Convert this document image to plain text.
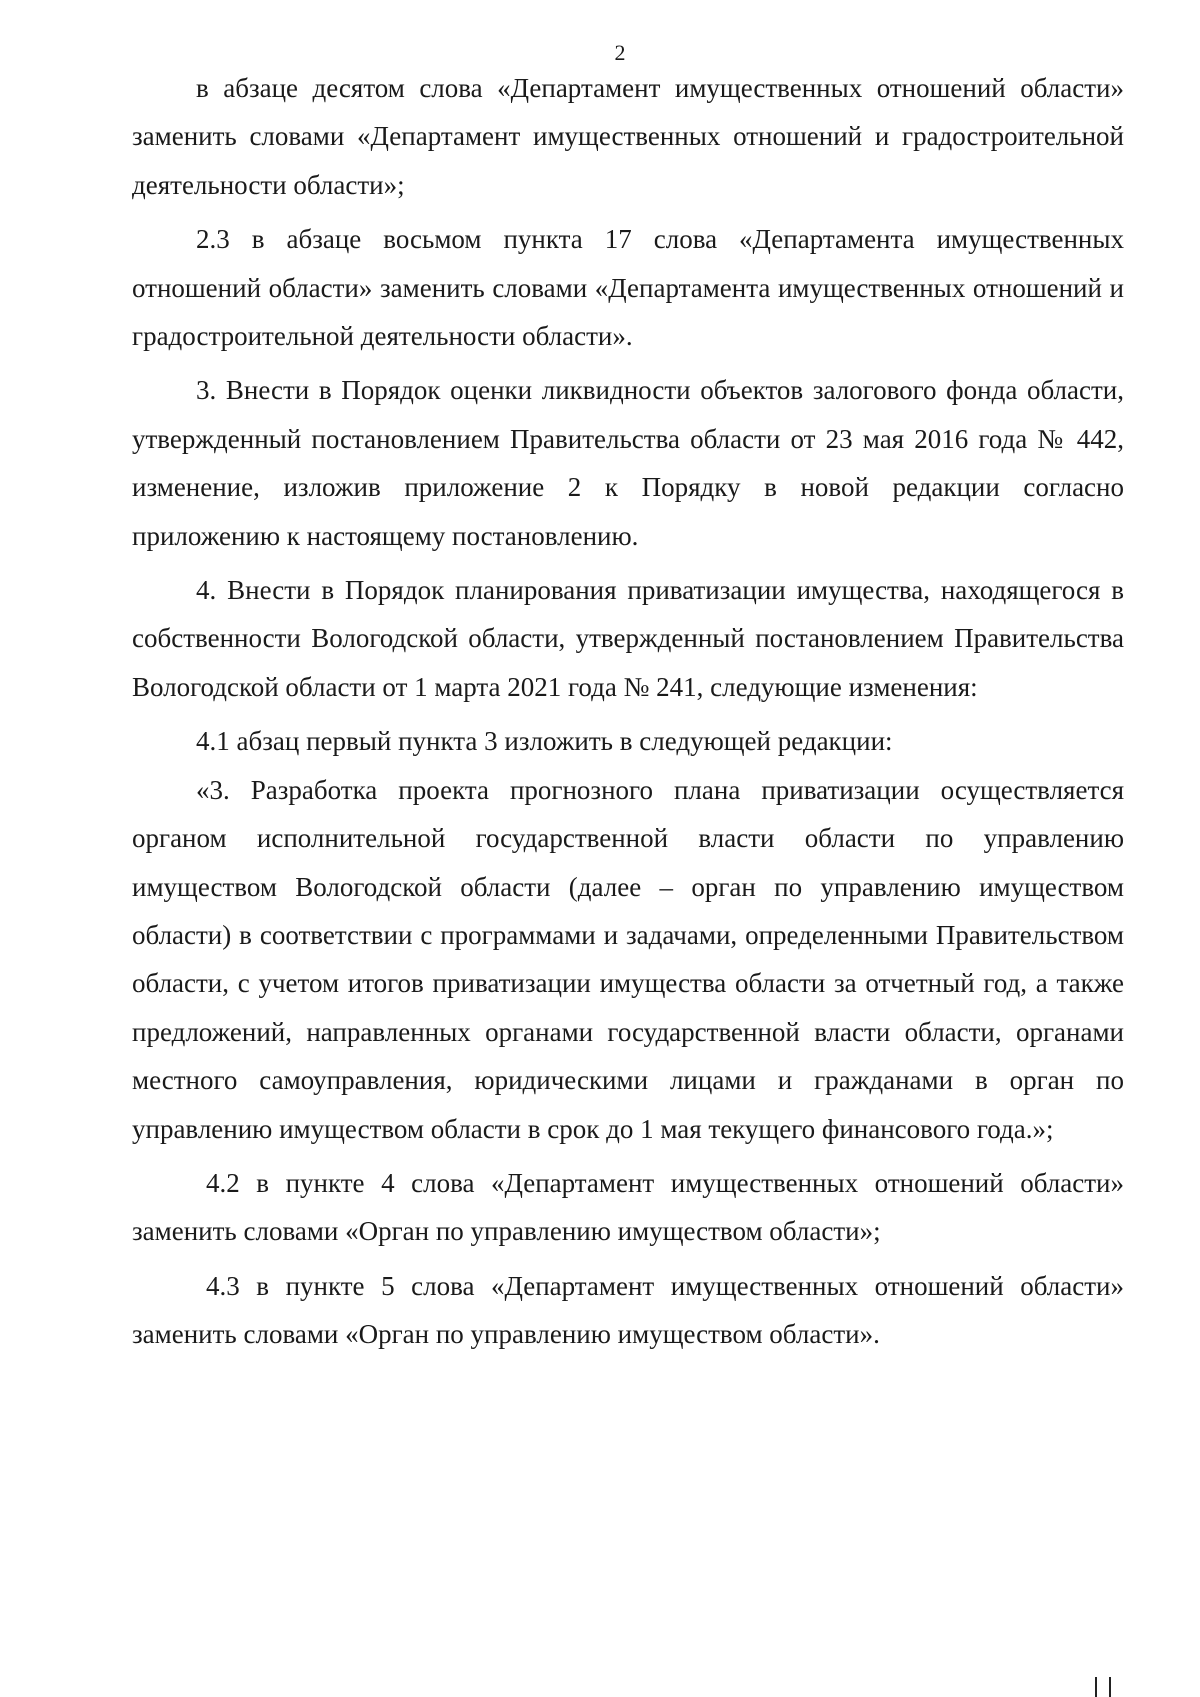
2

в абзаце десятом слова «Департамент имущественных отношений области» заменить словами «Департамент имущественных отношений и градостроительной деятельности области»;

2.3 в абзаце восьмом пункта 17 слова «Департамента имущественных отношений области» заменить словами «Департамента имущественных отношений и градостроительной деятельности области».

3. Внести в Порядок оценки ликвидности объектов залогового фонда области, утвержденный постановлением Правительства области от 23 мая 2016 года № 442, изменение, изложив приложение 2 к Порядку в новой редакции согласно приложению к настоящему постановлению.

4. Внести в Порядок планирования приватизации имущества, находящегося в собственности Вологодской области, утвержденный постановлением Правительства Вологодской области от 1 марта 2021 года № 241, следующие изменения:

4.1 абзац первый пункта 3 изложить в следующей редакции:

«3. Разработка проекта прогнозного плана приватизации осуществляется органом исполнительной государственной власти области по управлению имуществом Вологодской области (далее – орган по управлению имуществом области) в соответствии с программами и задачами, определенными Правительством области, с учетом итогов приватизации имущества области за отчетный год, а также предложений, направленных органами государственной власти области, органами местного самоуправления, юридическими лицами и гражданами в орган по управлению имуществом области в срок до 1 мая текущего финансового года.»;

4.2 в пункте 4 слова «Департамент имущественных отношений области» заменить словами «Орган по управлению имуществом области»;

4.3 в пункте 5 слова «Департамент имущественных отношений области» заменить словами «Орган по управлению имуществом области».
